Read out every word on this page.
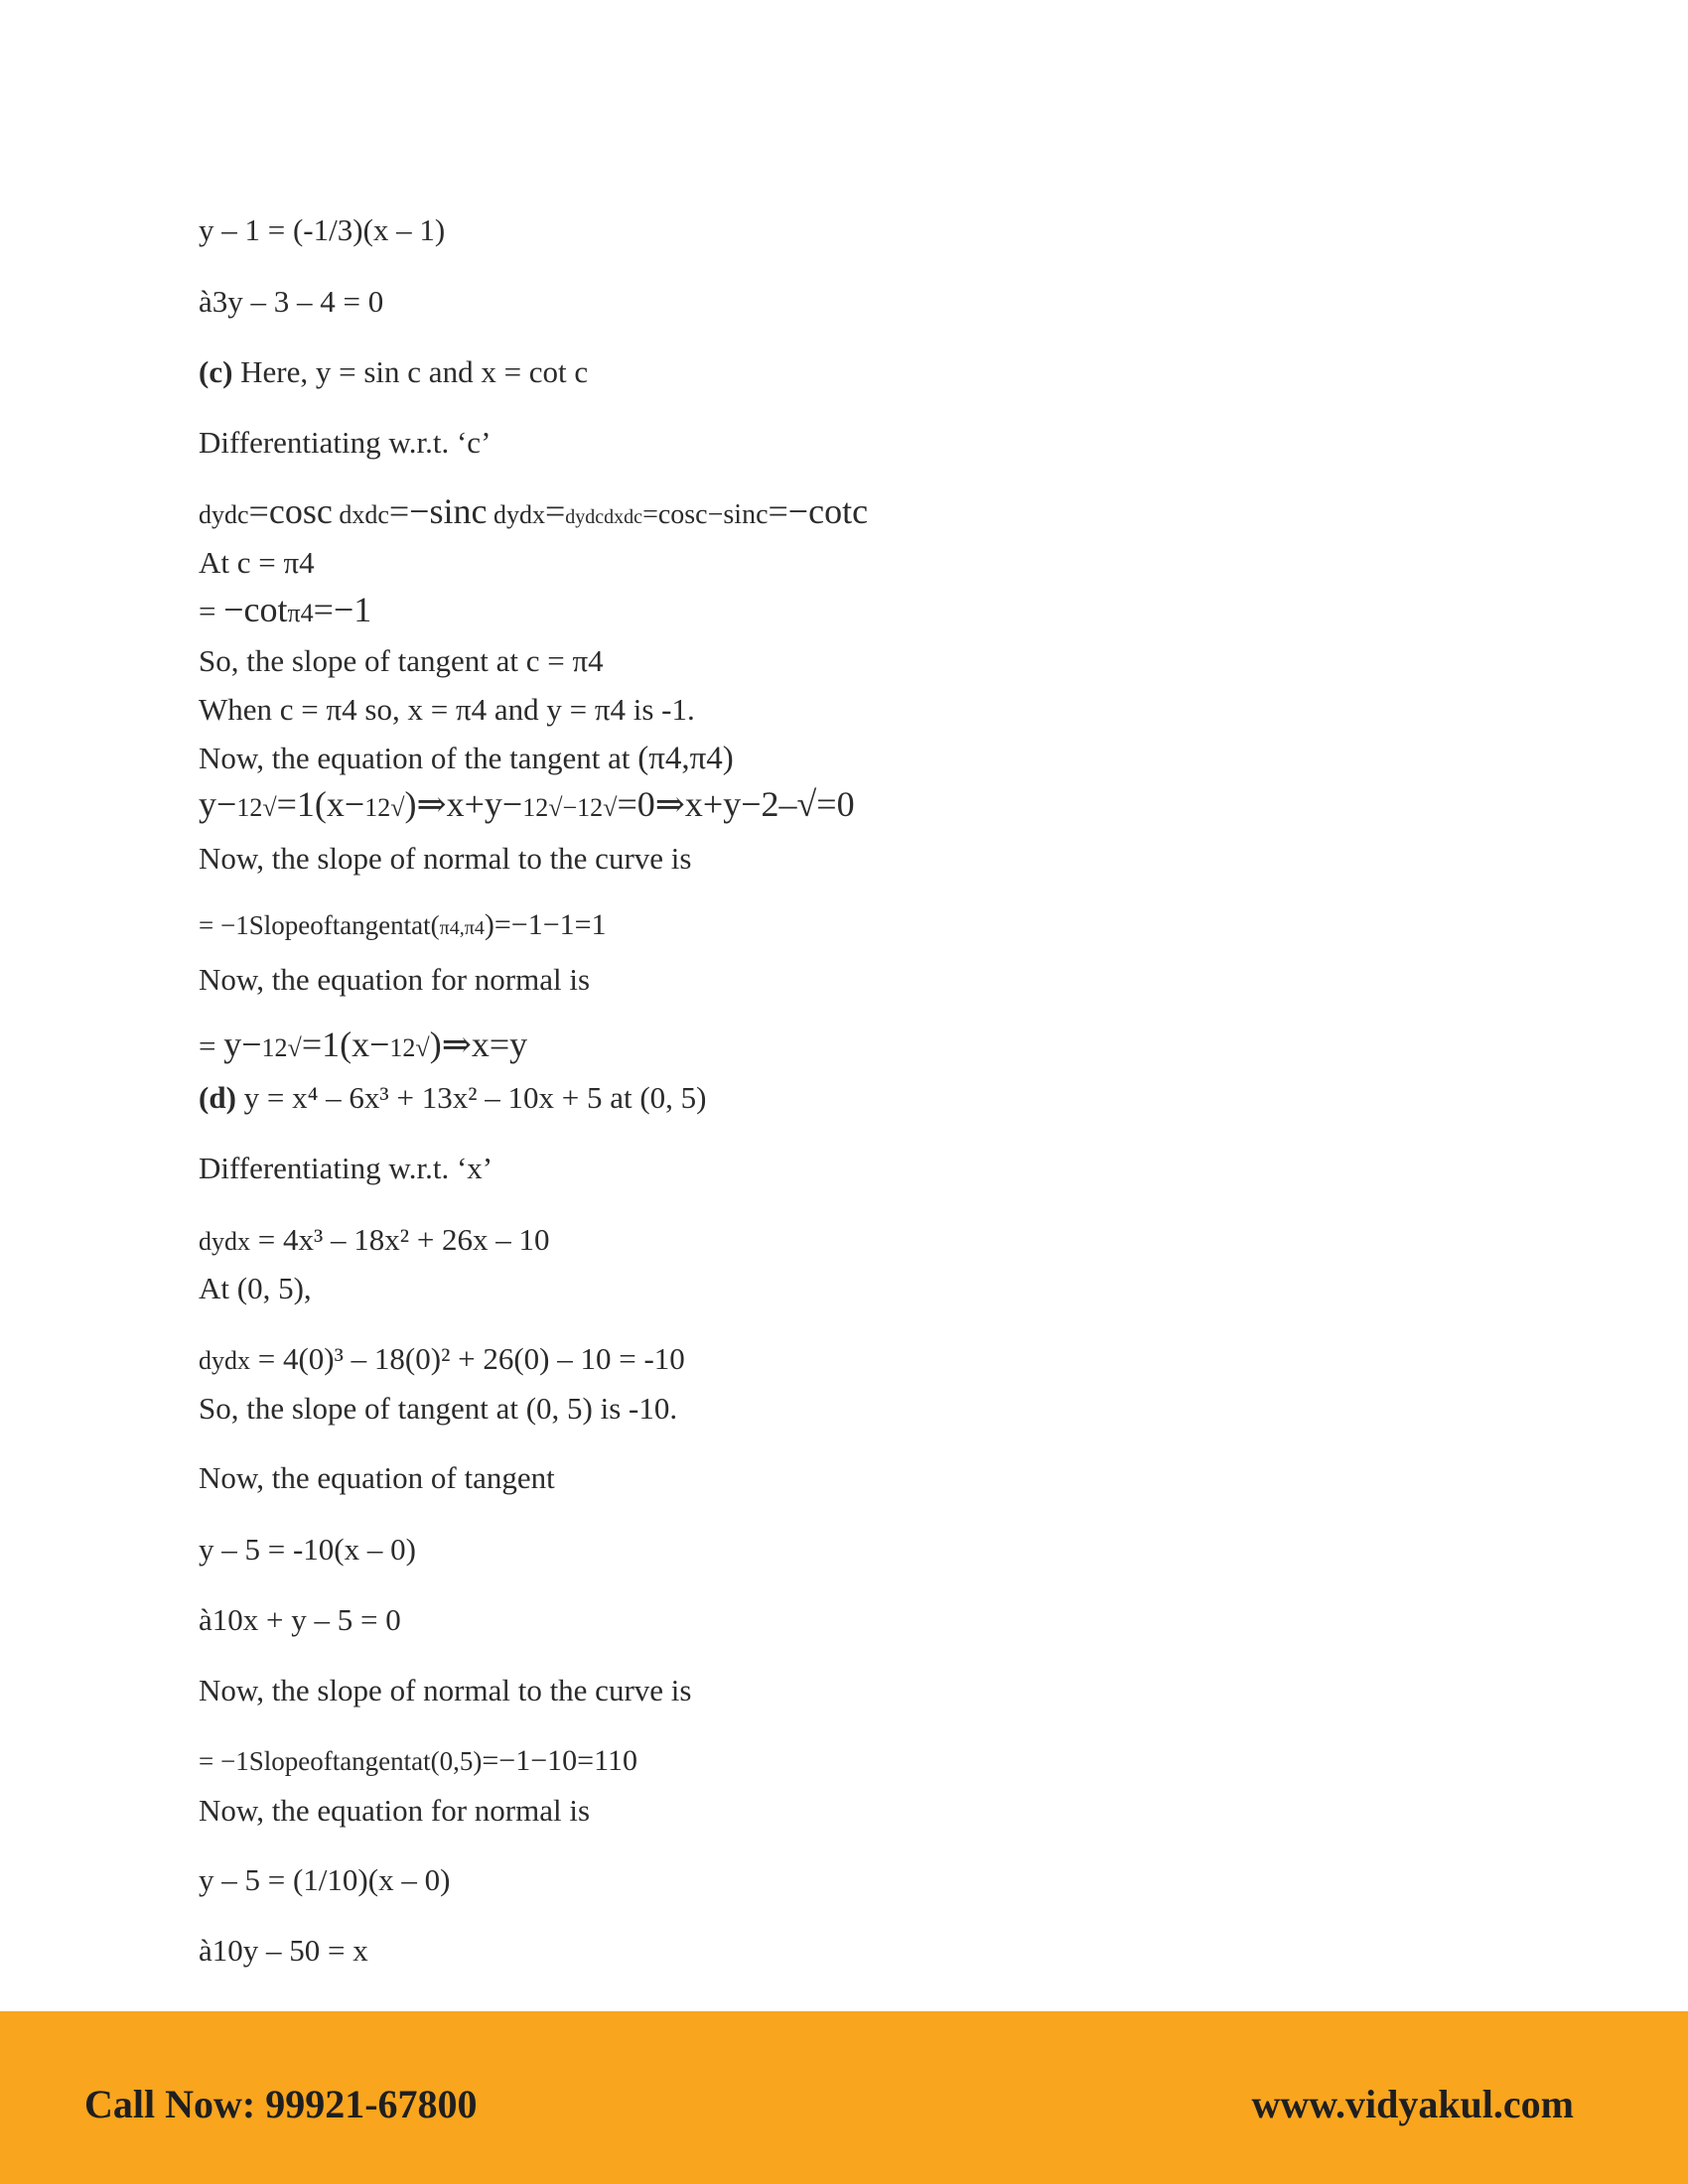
y – 1 = (-1/3)(x – 1)
à3y – 3 – 4 = 0
(c) Here, y = sin c and x = cot c
Differentiating w.r.t. ‘c’
dydc=cosc dxdc=−sinc dydx=dydcdxdc=cosc−sinc=−cotc
At c = π4
= −cotπ4=−1
So, the slope of tangent at c = π4
When c = π4 so, x = π4 and y = π4 is -1.
Now, the equation of the tangent at (π4,π4)
y−12√=1(x−12√)⇒x+y−12√−12√=0⇒x+y−2–√=0
Now, the slope of normal to the curve is
= −1Slopeoftangentat(π4,π4)=−1−1=1
Now, the equation for normal is
= y−12√=1(x−12√)⇒x=y
(d) y = x⁴ – 6x³ + 13x² – 10x + 5 at (0, 5)
Differentiating w.r.t. ‘x’
dydx = 4x³ – 18x² + 26x – 10
At (0, 5),
dydx = 4(0)³ – 18(0)² + 26(0) – 10 = -10
So, the slope of tangent at (0, 5) is -10.
Now, the equation of tangent
y – 5 = -10(x – 0)
à10x + y – 5 = 0
Now, the slope of normal to the curve is
= −1Slopeoftangentat(0,5)=−1−10=110
Now, the equation for normal is
y – 5 = (1/10)(x – 0)
à10y – 50 = x
Call Now: 99921-67800	www.vidyakul.com
